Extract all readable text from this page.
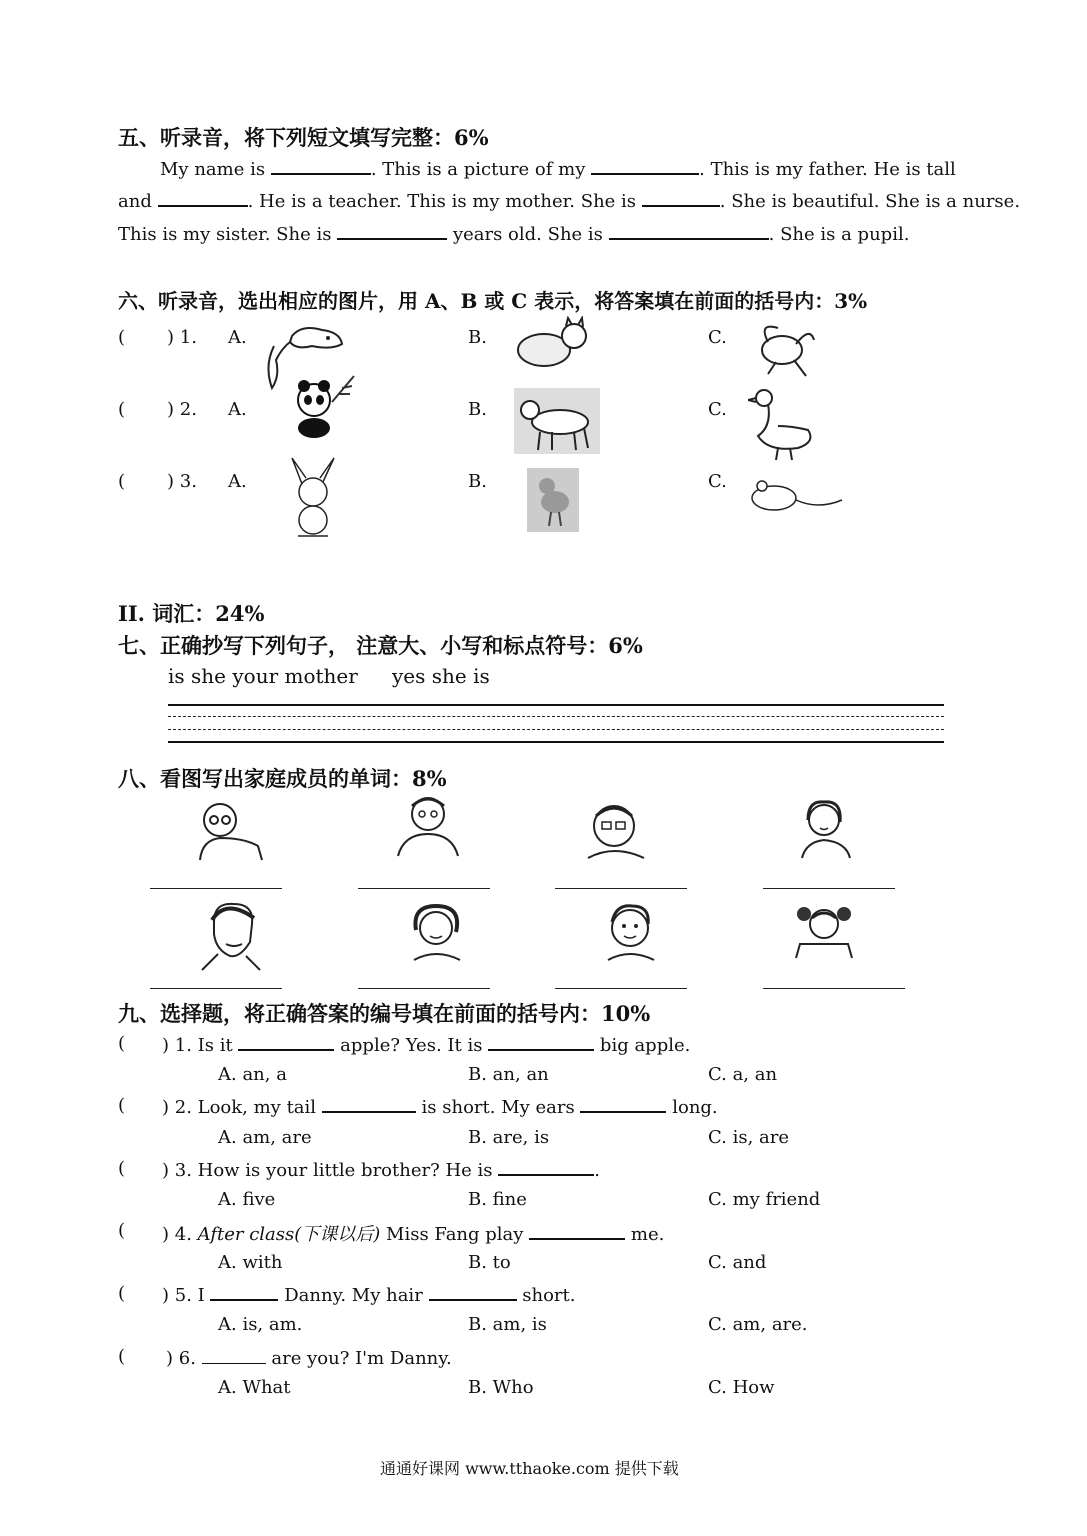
五、听录音，将下列短文填写完整：6%
My name is	. This is a picture of my	. This is my father. He is tall
and	. He is a teacher. This is my mother. She is	. She is beautiful. She is a nurse.
This is my sister. She is	years old. She is	. She is a pupil.
六、听录音，选出相应的图片，用 A、B 或 C 表示，将答案填在前面的括号内：3%
( ) 1. A.	B.	C.
( ) 2. A.	B.	C.
( ) 3. A.	B.	C.
II. 词汇：24%
七、正确抄写下列句子， 注意大、小写和标点符号：6%
is she your mother yes she is
八、看图写出家庭成员的单词：8%
九、选择题，将正确答案的编号填在前面的括号内：10%
( ) 1. Is it	apple? Yes. It is	big apple.
A. an, a	B. an, an	C. a, an
( ) 2. Look, my tail	is short. My ears	long.
A. am, are	B. are, is	C. is, are
( ) 3. How is your little brother? He is	.
A. five	B. fine	C. my friend
( ) 4. After class(下课以后) Miss Fang play	me.
A. with	B. to	C. and
( ) 5. I	Danny. My hair	short.
A. is, am.	B. am, is	C. am, are.
( ) 6.	are you? I'm Danny.
A. What	B. Who	C. How
通通好课网 www.tthaoke.com 提供下载
